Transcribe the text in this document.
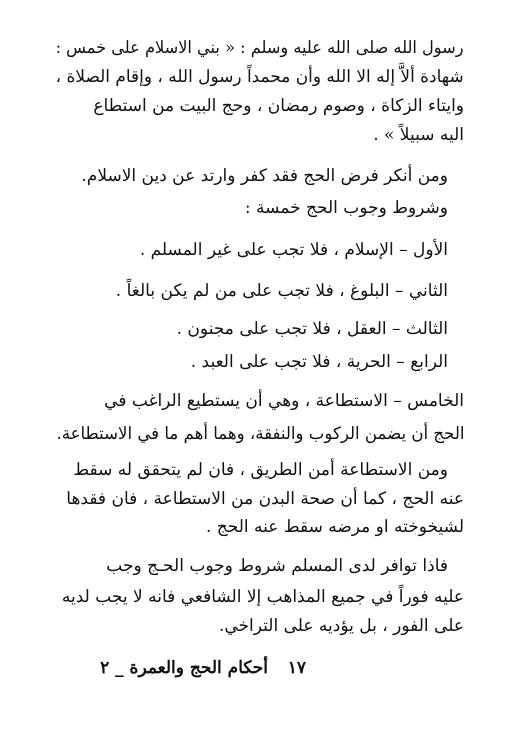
رسول الله صلى الله عليه وسلم : « بني الاسلام على خمس :
شهادة ألاَّ إله الا الله وأن محمداً رسول الله ، وإقام الصلاة ،
وايتاء الزكاة ، وصوم رمضان ، وحج البيت من استطاع
اليه سبيلاً » .
ومن أنكر فرض الحج فقد كفر وارتد عن دين الاسلام.
وشروط وجوب الحج خمسة :
الأول – الإسلام ، فلا تجب على غير المسلم .
الثاني – البلوغ ، فلا تجب على من لم يكن بالغاً .
الثالث – العقل ، فلا تجب على مجنون .
الرابع – الحرية ، فلا تجب على العبد .
الخامس – الاستطاعة ، وهي أن يستطيع الراغب في
الحج أن يضمن الركوب والنفقة، وهما أهم ما في الاستطاعة.
ومن الاستطاعة أمن الطريق ، فان لم يتحقق له سقط
عنه الحج ، كما أن صحة البدن من الاستطاعة ، فان فقدها
لشيخوخته او مرضه سقط عنه الحج .
فاذا توافر لدى المسلم شروط وجوب الحـج وجب
عليه فوراً في جميع المذاهب إلا الشافعي فانه لا يجب لديه
على الفور ، بل يؤديه على التراخي.
١٧
أحكام الحج والعمرة _ ٢
